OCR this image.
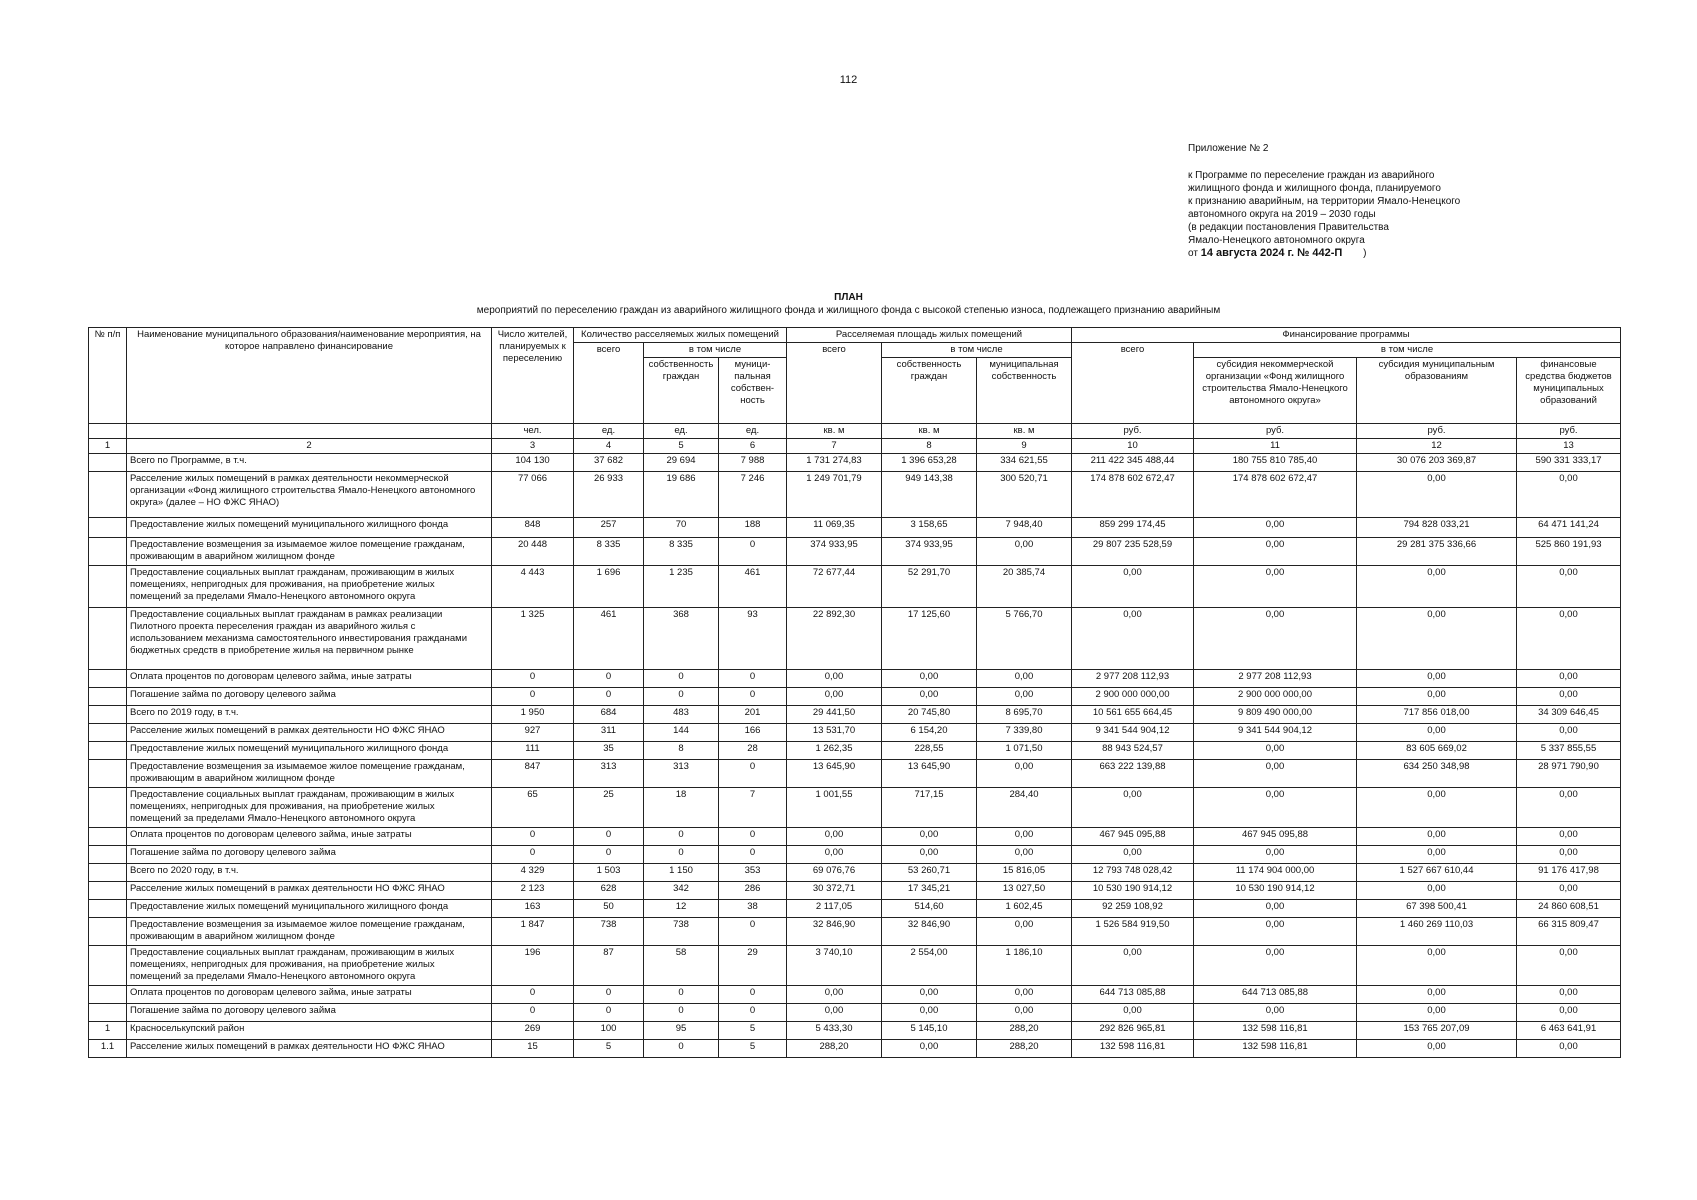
112
Приложение № 2
к Программе по переселение граждан из аварийного
жилищного фонда и жилищного фонда, планируемого
к признанию аварийным, на территории Ямало-Ненецкого
автономного округа на 2019 – 2030 годы
(в редакции постановления Правительства
Ямало-Ненецкого автономного округа
от 14 августа 2024 г. № 442-П )
ПЛАН
мероприятий по переселению граждан из аварийного жилищного фонда и жилищного фонда с высокой степенью износа, подлежащего признанию аварийным
№ п/п	Наименование муниципального образования/наименование мероприятия, на которое направлено финансирование	Число жителей, планируемых к переселению	Количество расселяемых жилых помещений			Расселяемая площадь жилых помещений			Финансирование программы			
			всего	в том числе		всего	в том числе		всего	в том числе		
				собственность граждан	муници-пальная собствен-ность		собственность граждан	муниципальная собственность		субсидия некоммерческой организации «Фонд жилищного строительства Ямало-Ненецкого автономного округа»	субсидия муниципальным образованиям	финансовые средства бюджетов муниципальных образований
		чел.	ед.	ед.	ед.	кв. м	кв. м	кв. м	руб.	руб.	руб.	руб.
1	2	3	4	5	6	7	8	9	10	11	12	13
	Всего по Программе, в т.ч.	104 130	37 682	29 694	7 988	1 731 274,83	1 396 653,28	334 621,55	211 422 345 488,44	180 755 810 785,40	30 076 203 369,87	590 331 333,17
	Расселение жилых помещений в рамках деятельности некоммерческой организации «Фонд жилищного строительства Ямало-Ненецкого автономного округа» (далее – НО ФЖС ЯНАО)	77 066	26 933	19 686	7 246	1 249 701,79	949 143,38	300 520,71	174 878 602 672,47	174 878 602 672,47	0,00	0,00
	Предоставление жилых помещений муниципального жилищного фонда	848	257	70	188	11 069,35	3 158,65	7 948,40	859 299 174,45	0,00	794 828 033,21	64 471 141,24
	Предоставление возмещения за изымаемое жилое помещение гражданам, проживающим в аварийном жилищном фонде	20 448	8 335	8 335	0	374 933,95	374 933,95	0,00	29 807 235 528,59	0,00	29 281 375 336,66	525 860 191,93
	Предоставление социальных выплат гражданам, проживающим в жилых помещениях, непригодных для проживания, на приобретение жилых помещений за пределами Ямало-Ненецкого автономного округа	4 443	1 696	1 235	461	72 677,44	52 291,70	20 385,74	0,00	0,00	0,00	0,00
	Предоставление социальных выплат гражданам в рамках реализации Пилотного проекта переселения граждан из аварийного жилья с использованием механизма самостоятельного инвестирования гражданами бюджетных средств в приобретение жилья на первичном рынке	1 325	461	368	93	22 892,30	17 125,60	5 766,70	0,00	0,00	0,00	0,00
	Оплата процентов по договорам целевого займа, иные затраты	0	0	0	0	0,00	0,00	0,00	2 977 208 112,93	2 977 208 112,93	0,00	0,00
	Погашение займа по договору целевого займа	0	0	0	0	0,00	0,00	0,00	2 900 000 000,00	2 900 000 000,00	0,00	0,00
	Всего по 2019 году, в т.ч.	1 950	684	483	201	29 441,50	20 745,80	8 695,70	10 561 655 664,45	9 809 490 000,00	717 856 018,00	34 309 646,45
	Расселение жилых помещений в рамках деятельности НО ФЖС ЯНАО	927	311	144	166	13 531,70	6 154,20	7 339,80	9 341 544 904,12	9 341 544 904,12	0,00	0,00
	Предоставление жилых помещений муниципального жилищного фонда	111	35	8	28	1 262,35	228,55	1 071,50	88 943 524,57	0,00	83 605 669,02	5 337 855,55
	Предоставление возмещения за изымаемое жилое помещение гражданам, проживающим в аварийном жилищном фонде	847	313	313	0	13 645,90	13 645,90	0,00	663 222 139,88	0,00	634 250 348,98	28 971 790,90
	Предоставление социальных выплат гражданам, проживающим в жилых помещениях, непригодных для проживания, на приобретение жилых помещений за пределами Ямало-Ненецкого автономного округа	65	25	18	7	1 001,55	717,15	284,40	0,00	0,00	0,00	0,00
	Оплата процентов по договорам целевого займа, иные затраты	0	0	0	0	0,00	0,00	0,00	467 945 095,88	467 945 095,88	0,00	0,00
	Погашение займа по договору целевого займа	0	0	0	0	0,00	0,00	0,00	0,00	0,00	0,00	0,00
	Всего по 2020 году, в т.ч.	4 329	1 503	1 150	353	69 076,76	53 260,71	15 816,05	12 793 748 028,42	11 174 904 000,00	1 527 667 610,44	91 176 417,98
	Расселение жилых помещений в рамках деятельности НО ФЖС ЯНАО	2 123	628	342	286	30 372,71	17 345,21	13 027,50	10 530 190 914,12	10 530 190 914,12	0,00	0,00
	Предоставление жилых помещений муниципального жилищного фонда	163	50	12	38	2 117,05	514,60	1 602,45	92 259 108,92	0,00	67 398 500,41	24 860 608,51
	Предоставление возмещения за изымаемое жилое помещение гражданам, проживающим в аварийном жилищном фонде	1 847	738	738	0	32 846,90	32 846,90	0,00	1 526 584 919,50	0,00	1 460 269 110,03	66 315 809,47
	Предоставление социальных выплат гражданам, проживающим в жилых помещениях, непригодных для проживания, на приобретение жилых помещений за пределами Ямало-Ненецкого автономного округа	196	87	58	29	3 740,10	2 554,00	1 186,10	0,00	0,00	0,00	0,00
	Оплата процентов по договорам целевого займа, иные затраты	0	0	0	0	0,00	0,00	0,00	644 713 085,88	644 713 085,88	0,00	0,00
	Погашение займа по договору целевого займа	0	0	0	0	0,00	0,00	0,00	0,00	0,00	0,00	0,00
1	Красноселькупский район	269	100	95	5	5 433,30	5 145,10	288,20	292 826 965,81	132 598 116,81	153 765 207,09	6 463 641,91
1.1	Расселение жилых помещений в рамках деятельности НО ФЖС ЯНАО	15	5	0	5	288,20	0,00	288,20	132 598 116,81	132 598 116,81	0,00	0,00
